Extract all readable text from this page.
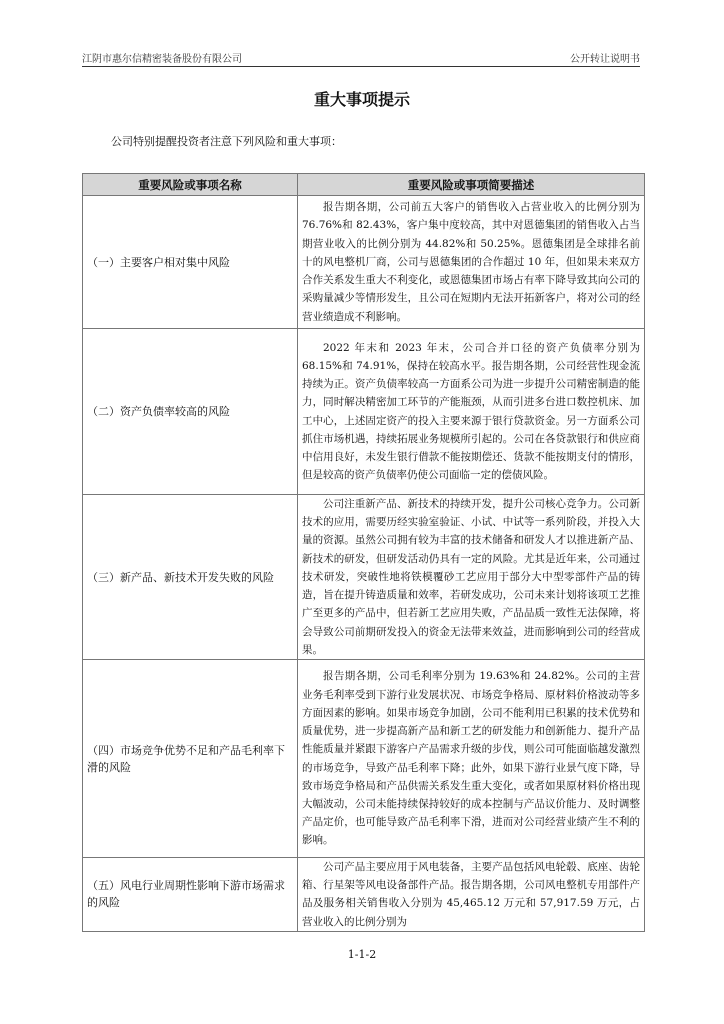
江阴市惠尔信精密装备股份有限公司	公开转让说明书
重大事项提示
公司特别提醒投资者注意下列风险和重大事项：
重要风险或事项名称	重要风险或事项简要描述
（一）主要客户相对集中风险	报告期各期，公司前五大客户的销售收入占营业收入的比例分别为 76.76%和 82.43%，客户集中度较高，其中对恩德集团的销售收入占当期营业收入的比例分别为 44.82%和 50.25%。恩德集团是全球排名前十的风电整机厂商，公司与恩德集团的合作超过 10 年，但如果未来双方合作关系发生重大不利变化，或恩德集团市场占有率下降导致其向公司的采购量减少等情形发生，且公司在短期内无法开拓新客户，将对公司的经营业绩造成不利影响。
（二）资产负债率较高的风险	2022 年末和 2023 年末，公司合并口径的资产负债率分别为 68.15%和 74.91%，保持在较高水平。报告期各期，公司经营性现金流持续为正。资产负债率较高一方面系公司为进一步提升公司精密制造的能力，同时解决精密加工环节的产能瓶颈，从而引进多台进口数控机床、加工中心，上述固定资产的投入主要来源于银行贷款资金。另一方面系公司抓住市场机遇，持续拓展业务规模所引起的。公司在各贷款银行和供应商中信用良好，未发生银行借款不能按期偿还、货款不能按期支付的情形，但是较高的资产负债率仍使公司面临一定的偿债风险。
（三）新产品、新技术开发失败的风险	公司注重新产品、新技术的持续开发，提升公司核心竞争力。公司新技术的应用，需要历经实验室验证、小试、中试等一系列阶段，并投入大量的资源。虽然公司拥有较为丰富的技术储备和研发人才以推进新产品、新技术的研发，但研发活动仍具有一定的风险。尤其是近年来，公司通过技术研发，突破性地将铁模覆砂工艺应用于部分大中型零部件产品的铸造，旨在提升铸造质量和效率，若研发成功，公司未来计划将该项工艺推广至更多的产品中，但若新工艺应用失败，产品品质一致性无法保障，将会导致公司前期研发投入的资金无法带来效益，进而影响到公司的经营成果。
（四）市场竞争优势不足和产品毛利率下滑的风险	报告期各期，公司毛利率分别为 19.63%和 24.82%。公司的主营业务毛利率受到下游行业发展状况、市场竞争格局、原材料价格波动等多方面因素的影响。如果市场竞争加剧，公司不能利用已积累的技术优势和质量优势，进一步提高新产品和新工艺的研发能力和创新能力、提升产品性能质量并紧跟下游客户产品需求升级的步伐，则公司可能面临越发激烈的市场竞争，导致产品毛利率下降；此外，如果下游行业景气度下降，导致市场竞争格局和产品供需关系发生重大变化，或者如果原材料价格出现大幅波动，公司未能持续保持较好的成本控制与产品议价能力、及时调整产品定价，也可能导致产品毛利率下滑，进而对公司经营业绩产生不利的影响。
（五）风电行业周期性影响下游市场需求的风险	公司产品主要应用于风电装备，主要产品包括风电轮毂、底座、齿轮箱、行星架等风电设备部件产品。报告期各期，公司风电整机专用部件产品及服务相关销售收入分别为 45,465.12 万元和 57,917.59 万元，占营业收入的比例分别为
1-1-2
